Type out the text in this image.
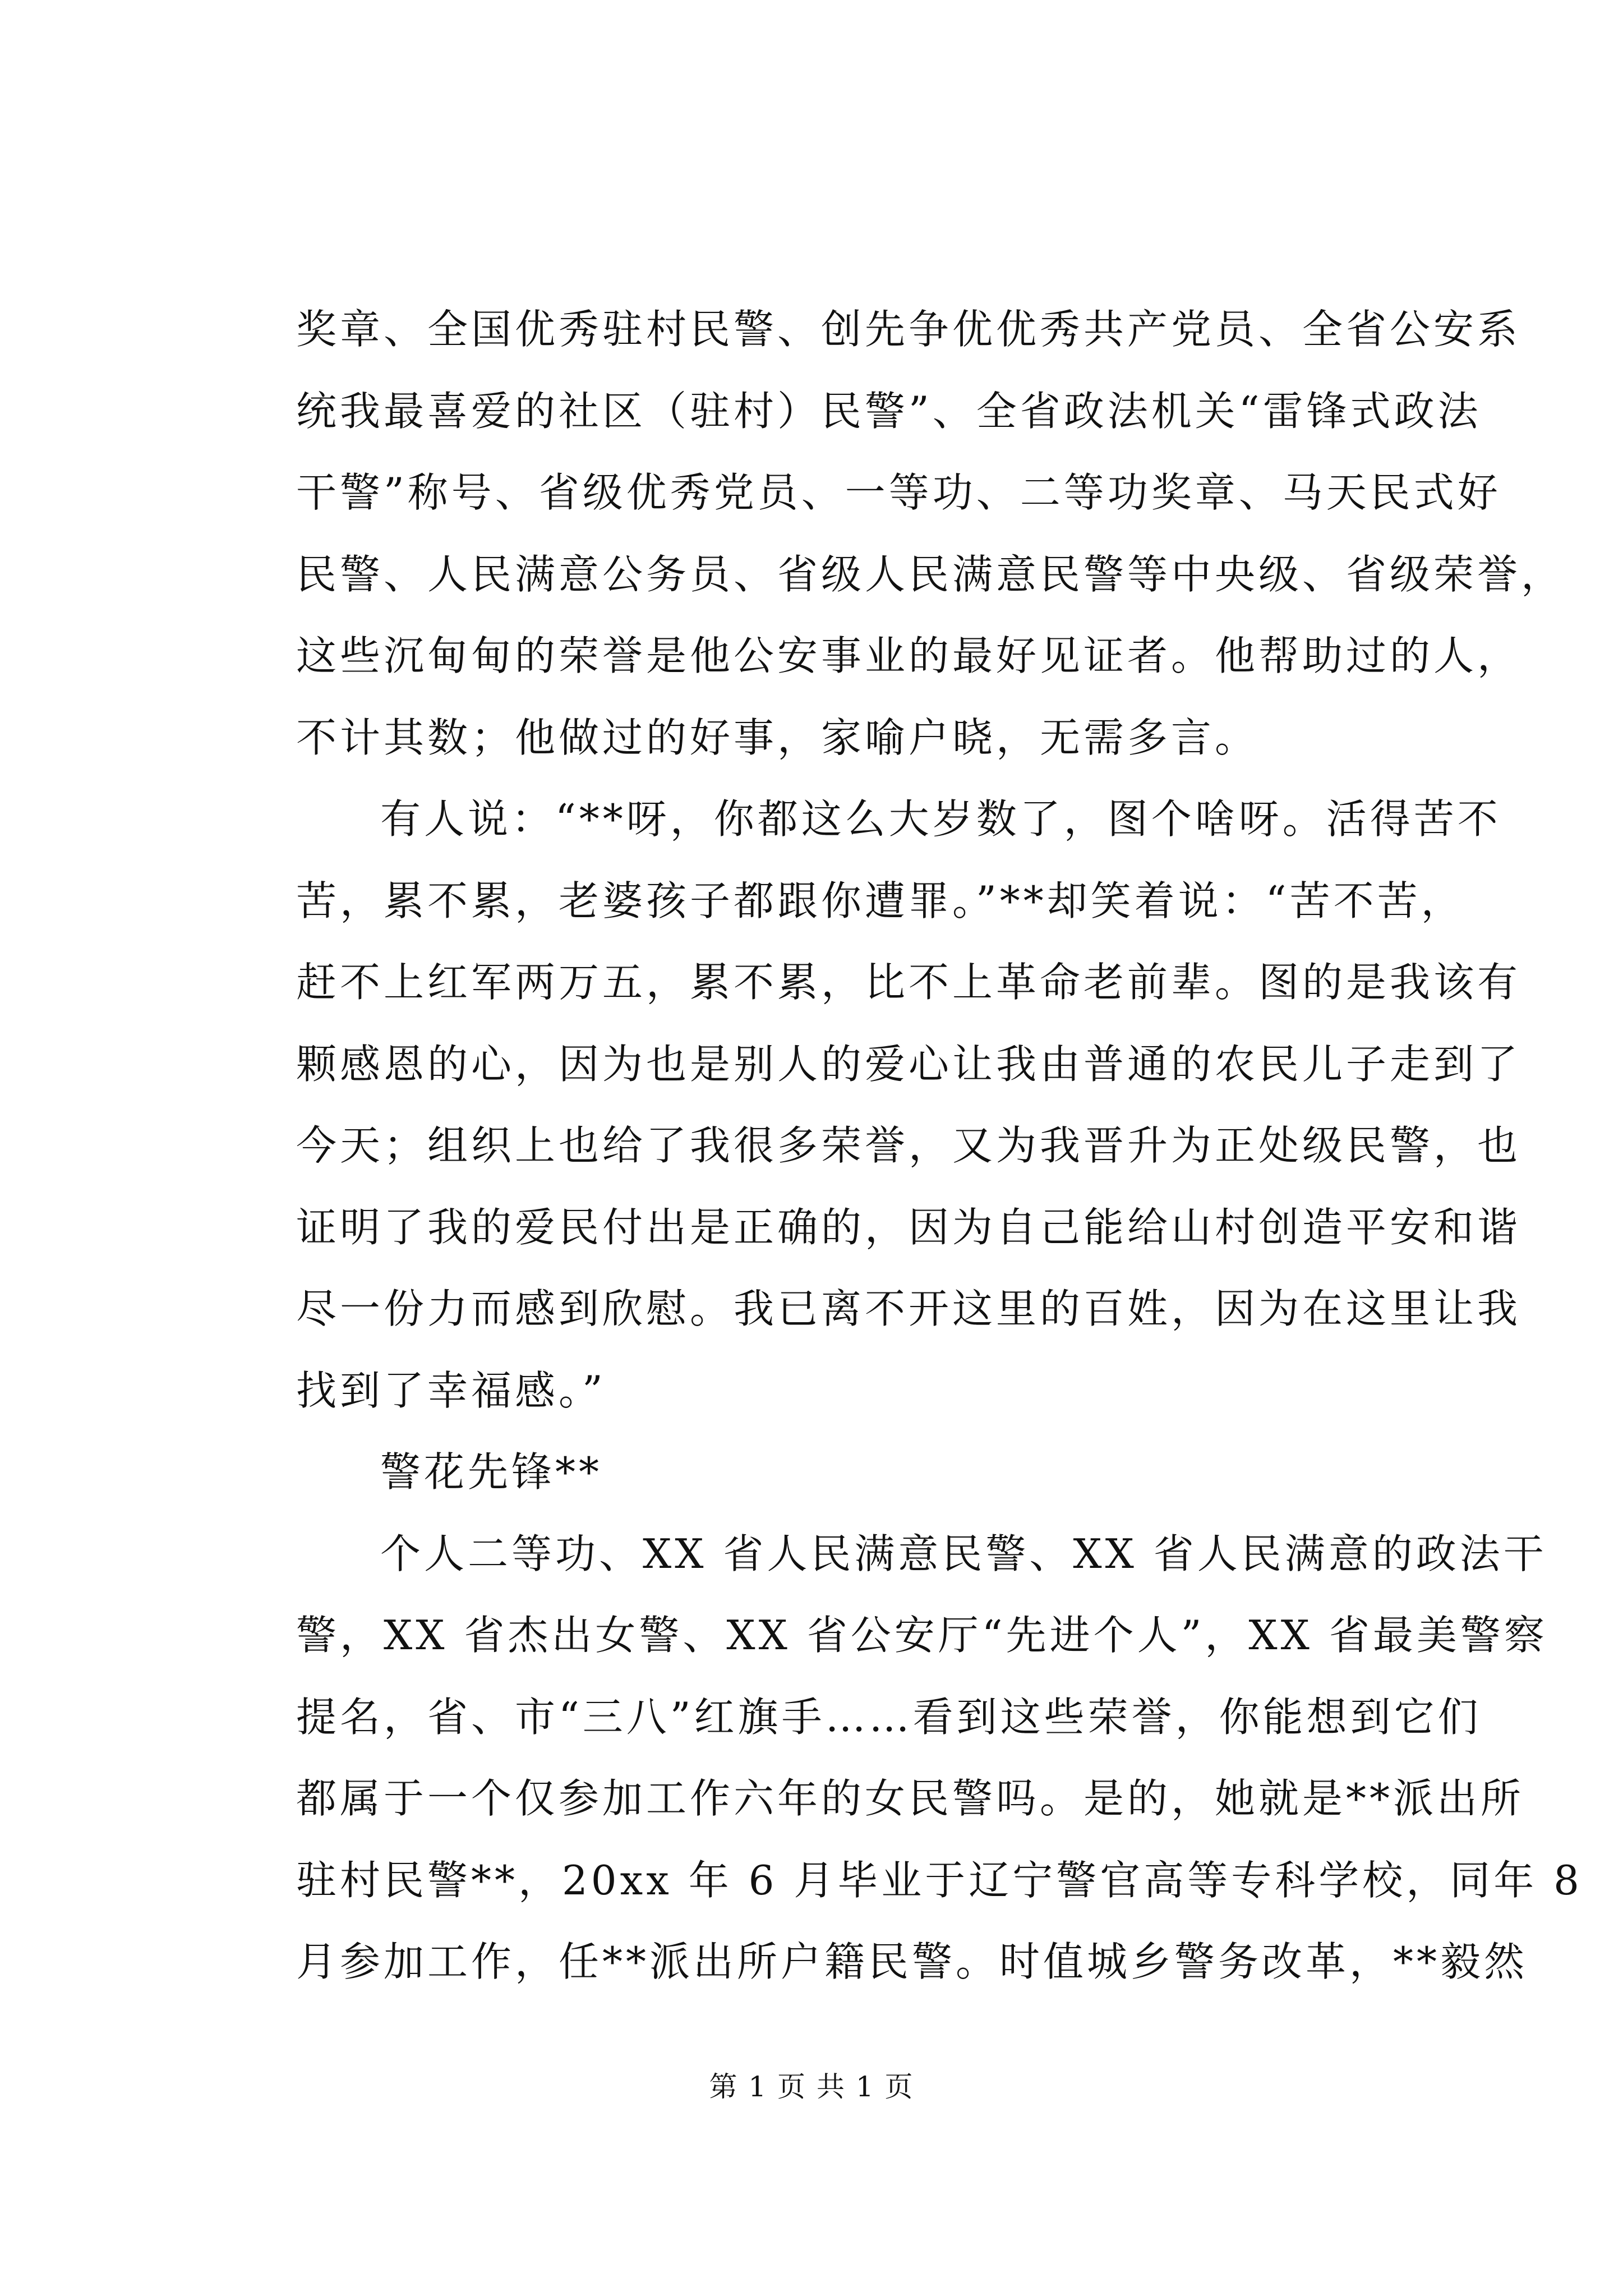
奖章、全国优秀驻村民警、创先争优优秀共产党员、全省公安系
统我最喜爱的社区（驻村）民警”、全省政法机关“雷锋式政法
干警”称号、省级优秀党员、一等功、二等功奖章、马天民式好
民警、人民满意公务员、省级人民满意民警等中央级、省级荣誉，
这些沉甸甸的荣誉是他公安事业的最好见证者。他帮助过的人，
不计其数；他做过的好事，家喻户晓，无需多言。
有人说：“**呀，你都这么大岁数了，图个啥呀。活得苦不
苦，累不累，老婆孩子都跟你遭罪。”**却笑着说：“苦不苦，
赶不上红军两万五，累不累，比不上革命老前辈。图的是我该有
颗感恩的心，因为也是别人的爱心让我由普通的农民儿子走到了
今天；组织上也给了我很多荣誉，又为我晋升为正处级民警，也
证明了我的爱民付出是正确的，因为自己能给山村创造平安和谐
尽一份力而感到欣慰。我已离不开这里的百姓，因为在这里让我
找到了幸福感。”
警花先锋**
个人二等功、XX 省人民满意民警、XX 省人民满意的政法干
警，XX 省杰出女警、XX 省公安厅“先进个人”，XX 省最美警察
提名，省、市“三八”红旗手……看到这些荣誉，你能想到它们
都属于一个仅参加工作六年的女民警吗。是的，她就是**派出所
驻村民警**，20xx 年 6 月毕业于辽宁警官高等专科学校，同年 8
月参加工作，任**派出所户籍民警。时值城乡警务改革，**毅然
第 1 页 共 1 页
